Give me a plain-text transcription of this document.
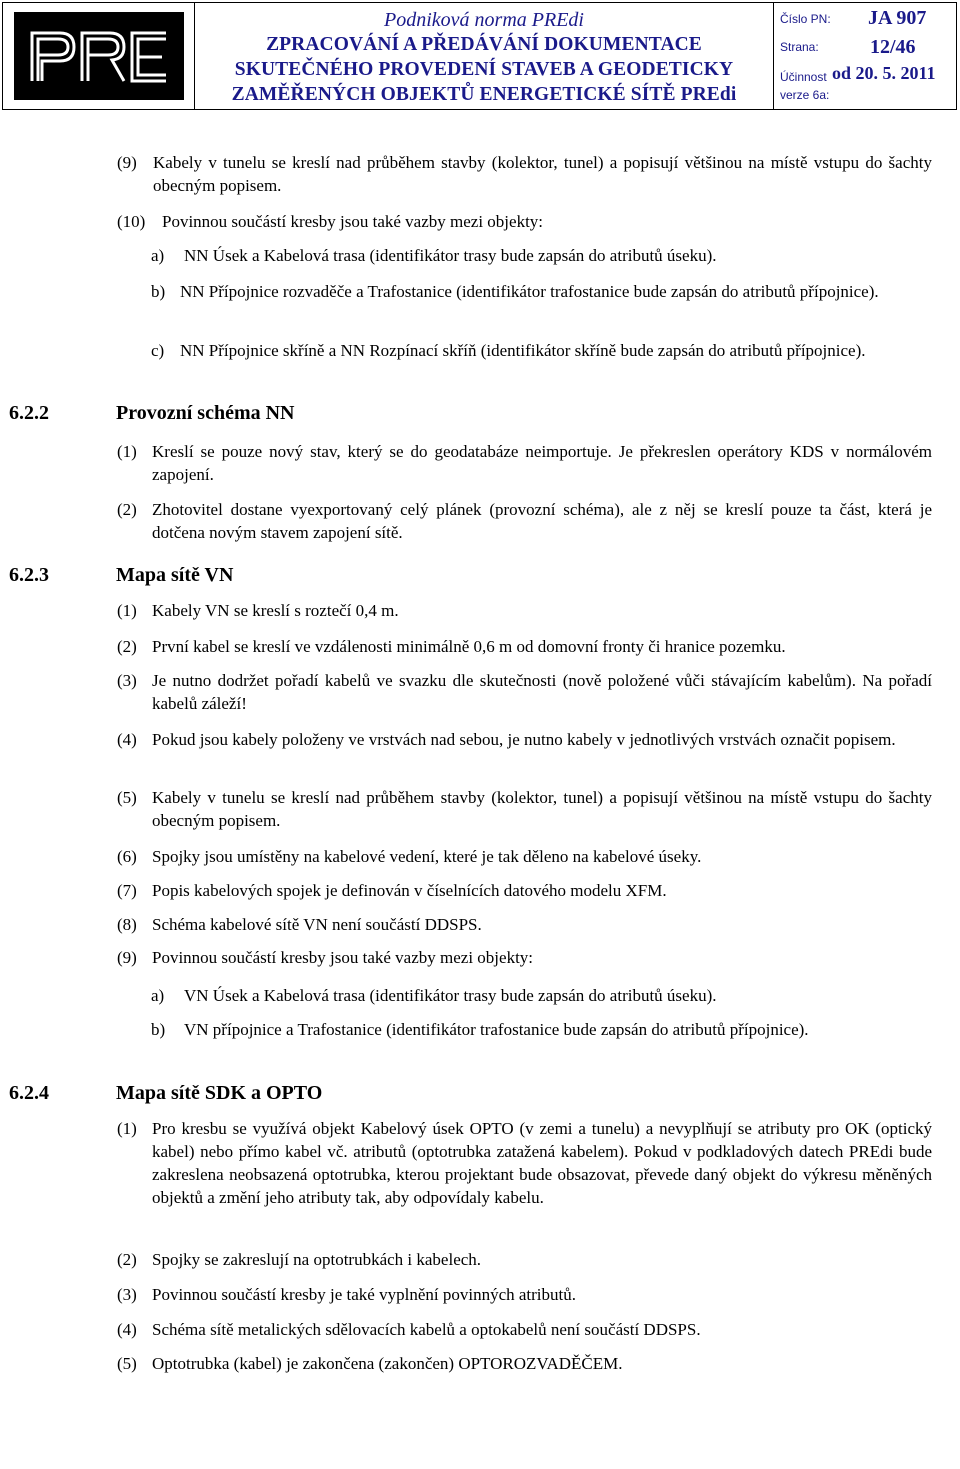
Podniková norma PREdi
ZPRACOVÁNÍ A PŘEDÁVÁNÍ DOKUMENTACE
SKUTEČNÉHO PROVEDENÍ STAVEB A GEODETICKY
ZAMĚŘENÝCH OBJEKTŮ ENERGETICKÉ SÍTĚ PREdi
Číslo PN: JA 907
Strana:	12/46
Účinnost od 20. 5. 2011
verze 6a:
(9) Kabely v tunelu se kreslí nad průběhem stavby (kolektor, tunel) a popisují většinou na místě vstupu do šachty obecným popisem.
(10) Povinnou součástí kresby jsou také vazby mezi objekty:
a)	NN Úsek a Kabelová trasa (identifikátor trasy bude zapsán do atributů úseku).
b) NN Přípojnice rozvaděče a Trafostanice (identifikátor trafostanice bude zapsán do atributů přípojnice).
c) NN Přípojnice skříně a NN Rozpínací skříň (identifikátor skříně bude zapsán do atributů přípojnice).
6.2.2	Provozní schéma NN
(1) Kreslí se pouze nový stav, který se do geodatabáze neimportuje. Je překreslen operátory KDS v normálovém zapojení.
(2) Zhotovitel dostane vyexportovaný celý plánek (provozní schéma), ale z něj se kreslí pouze ta část, která je dotčena novým stavem zapojení sítě.
6.2.3	Mapa sítě VN
(1) Kabely VN se kreslí s roztečí 0,4 m.
(2) První kabel se kreslí ve vzdálenosti minimálně 0,6 m od domovní fronty či hranice pozemku.
(3) Je nutno dodržet pořadí kabelů ve svazku dle skutečnosti (nově položené vůči stávajícím kabelům). Na pořadí kabelů záleží!
(4) Pokud jsou kabely položeny ve vrstvách nad sebou, je nutno kabely v jednotlivých vrstvách označit popisem.
(5) Kabely v tunelu se kreslí nad průběhem stavby (kolektor, tunel) a popisují většinou na místě vstupu do šachty obecným popisem.
(6) Spojky jsou umístěny na kabelové vedení, které je tak děleno na kabelové úseky.
(7) Popis kabelových spojek je definován v číselnících datového modelu XFM.
(8) Schéma kabelové sítě VN není součástí DDSPS.
(9) Povinnou součástí kresby jsou také vazby mezi objekty:
a)	VN Úsek a Kabelová trasa (identifikátor trasy bude zapsán do atributů úseku).
b)	VN přípojnice a Trafostanice (identifikátor trafostanice bude zapsán do atributů přípojnice).
6.2.4	Mapa sítě SDK a OPTO
(1) Pro kresbu se využívá objekt Kabelový úsek OPTO (v zemi a tunelu) a nevyplňují se atributy pro OK (optický kabel) nebo přímo kabel vč. atributů (optotrubka zatažená kabelem). Pokud v podkladových datech PREdi bude zakreslena neobsazená optotrubka, kterou projektant bude obsazovat, převede daný objekt do výkresu měněných objektů a změní jeho atributy tak, aby odpovídaly kabelu.
(2) Spojky se zakreslují na optotrubkách i kabelech.
(3) Povinnou součástí kresby je také vyplnění povinných atributů.
(4) Schéma sítě metalických sdělovacích kabelů a optokabelů není součástí DDSPS.
(5) Optotrubka (kabel) je zakončena (zakončen) OPTOROZVADĚČEM.
